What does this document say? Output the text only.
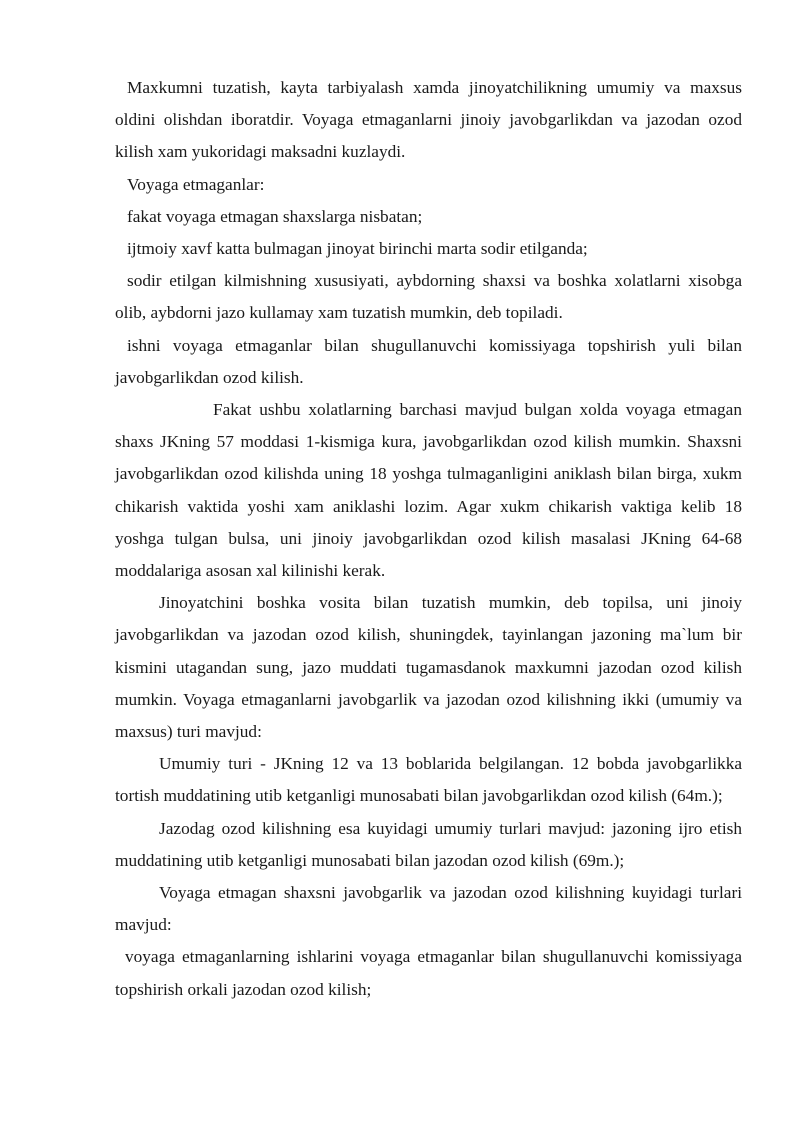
Maxkumni tuzatish, kayta tarbiyalash xamda jinoyatchilikning umumiy va maxsus oldini olishdan iboratdir. Voyaga etmaganlarni jinoiy javobgarlikdan va jazodan ozod kilish xam yukoridagi maksadni kuzlaydi.

Voyaga etmaganlar:

fakat voyaga etmagan shaxslarga nisbatan;

ijtmoiy xavf katta bulmagan jinoyat birinchi marta sodir etilganda;

sodir etilgan kilmishning xususiyati, aybdorning shaxsi va boshka xolatlarni xisobga olib, aybdorni jazo kullamay xam tuzatish mumkin, deb topiladi.

ishni voyaga etmaganlar bilan shugullanuvchi komissiyaga topshirish yuli bilan javobgarlikdan ozod kilish.

Fakat ushbu xolatlarning barchasi mavjud bulgan xolda voyaga etmagan shaxs JKning 57 moddasi 1-kismiga kura, javobgarlikdan ozod kilish mumkin. Shaxsni javobgarlikdan ozod kilishda uning 18 yoshga tulmaganligini aniklash bilan birga, xukm chikarish vaktida yoshi xam aniklashi lozim. Agar xukm chikarish vaktiga kelib 18 yoshga tulgan bulsa, uni jinoiy javobgarlikdan ozod kilish masalasi JKning 64-68 moddalariga asosan xal kilinishi kerak.

Jinoyatchini boshka vosita bilan tuzatish mumkin, deb topilsa, uni jinoiy javobgarlikdan va jazodan ozod kilish, shuningdek, tayinlangan jazoning ma`lum bir kismini utagandan sung, jazo muddati tugamasdanok maxkumni jazodan ozod kilish mumkin. Voyaga etmaganlarni javobgarlik va jazodan ozod kilishning ikki (umumiy va maxsus) turi mavjud:

Umumiy turi - JKning 12 va 13 boblarida belgilangan. 12 bobda javobgarlikka tortish muddatining utib ketganligi munosabati bilan javobgarlikdan ozod kilish (64m.);

Jazodag ozod kilishning esa kuyidagi umumiy turlari mavjud: jazoning ijro etish muddatining utib ketganligi munosabati bilan jazodan ozod kilish (69m.);

Voyaga etmagan shaxsni javobgarlik va jazodan ozod kilishning kuyidagi turlari mavjud:

voyaga etmaganlarning ishlarini voyaga etmaganlar bilan shugullanuvchi komissiyaga topshirish orkali jazodan ozod kilish;
